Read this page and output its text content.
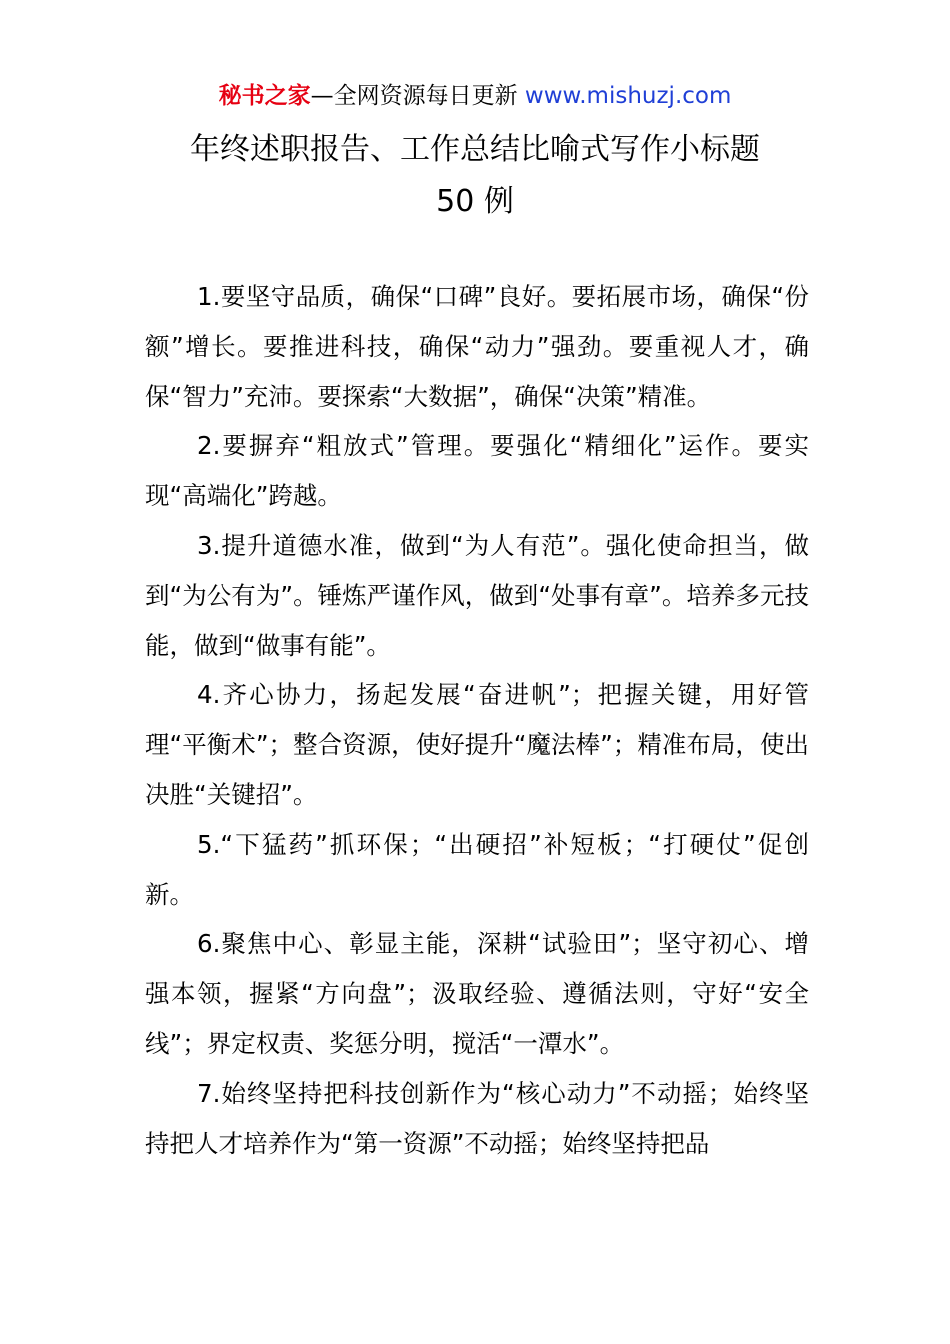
秘书之家—全网资源每日更新 www.mishuzj.com
年终述职报告、工作总结比喻式写作小标题
50 例

1.要坚守品质，确保“口碑”良好。要拓展市场，确保“份额”增长。要推进科技，确保“动力”强劲。要重视人才，确保“智力”充沛。要探索“大数据”，确保“决策”精准。

2.要摒弃“粗放式”管理。要强化“精细化”运作。要实现“高端化”跨越。

3.提升道德水准，做到“为人有范”。强化使命担当，做到“为公有为”。锤炼严谨作风，做到“处事有章”。培养多元技能，做到“做事有能”。

4.齐心协力，扬起发展“奋进帆”；把握关键，用好管理“平衡术”；整合资源，使好提升“魔法棒”；精准布局，使出决胜“关键招”。

5.“下猛药”抓环保；“出硬招”补短板；“打硬仗”促创新。

6.聚焦中心、彰显主能，深耕“试验田”；坚守初心、增强本领，握紧“方向盘”；汲取经验、遵循法则，守好“安全线”；界定权责、奖惩分明，搅活“一潭水”。

7.始终坚持把科技创新作为“核心动力”不动摇；始终坚持把人才培养作为“第一资源”不动摇；始终坚持把品
